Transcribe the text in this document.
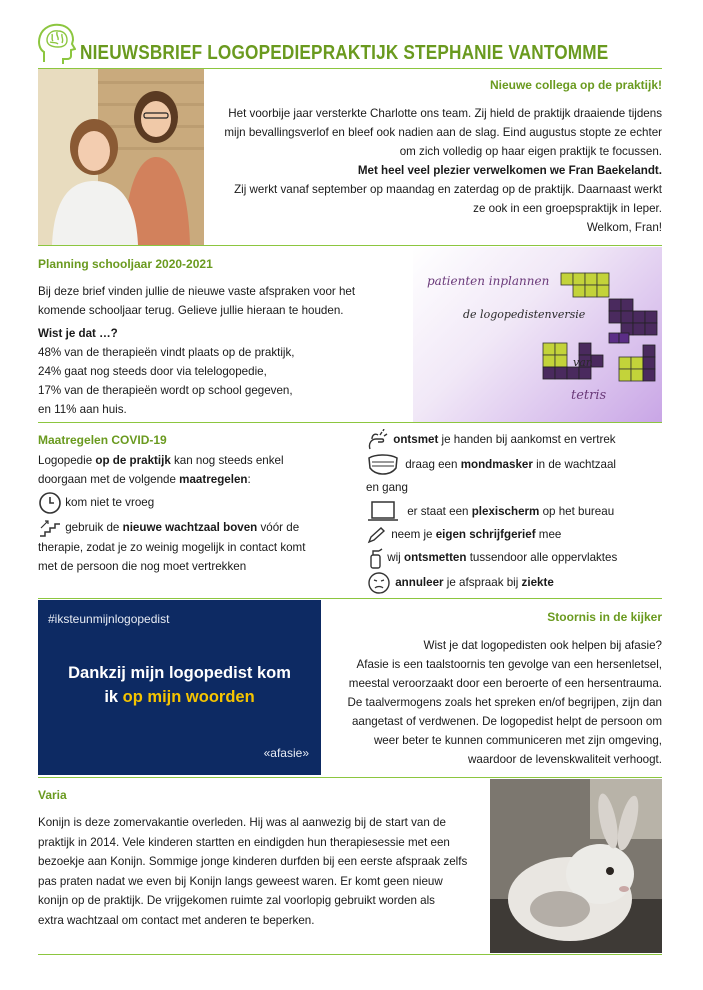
NIEUWSBRIEF LOGOPEDIEPRAKTIJK STEPHANIE VANTOMME
Nieuwe collega op de praktijk!

Het voorbije jaar versterkte Charlotte ons team. Zij hield de praktijk draaiende tijdens

mijn bevallingsverlof en bleef ook nadien aan de slag. Eind augustus stopte ze echter

om zich volledig op haar eigen praktijk te focussen.

Met heel veel plezier verwelkomen we Fran Baekelandt.

Zij werkt vanaf september op maandag en zaterdag op de praktijk. Daarnaast werkt

ze ook in een groepspraktijk in Ieper.

Welkom, Fran!

Planning schooljaar 2020-2021

Bij deze brief vinden jullie de nieuwe vaste afspraken voor het

komende schooljaar terug. Gelieve jullie hieraan te houden.

Wist je dat …?

48% van de therapieën vindt plaats op de praktijk,

24% gaat nog steeds door via telelogopedie,

17% van de therapieën wordt op school gegeven,

en 11% aan huis.

patienten inplannen
de logopedistenversie
van
tetris
Maatregelen COVID-19

Logopedie op de praktijk kan nog steeds enkel

doorgaan met de volgende maatregelen:

kom niet te vroeg

gebruik de nieuwe wachtzaal boven vóór de

therapie, zodat je zo weinig mogelijk in contact komt

met de persoon die nog moet vertrekken

ontsmet je handen bij aankomst en vertrek

draag een mondmasker in de wachtzaal

en gang

er staat een plexischerm op het bureau

neem je eigen schrijfgerief mee

wij ontsmetten tussendoor alle oppervlaktes

annuleer je afspraak bij ziekte

#iksteunmijnlogopedist
Dankzij mijn logopedist kom
ik op mijn woorden
«afasie»
Stoornis in de kijker

Wist je dat logopedisten ook helpen bij afasie?

Afasie is een taalstoornis ten gevolge van een hersenletsel,

meestal veroorzaakt door een beroerte of een hersentrauma.

De taalvermogens zoals het spreken en/of begrijpen, zijn dan

aangetast of verdwenen. De logopedist helpt de persoon om

weer beter te kunnen communiceren met zijn omgeving,

waardoor de levenskwaliteit verhoogt.

Varia

Konijn is deze zomervakantie overleden. Hij was al aanwezig bij de start van de

praktijk in 2014. Vele kinderen startten en eindigden hun therapiesessie met een

bezoekje aan Konijn. Sommige jonge kinderen durfden bij een eerste afspraak zelfs

pas praten nadat we even bij Konijn langs geweest waren. Er komt geen nieuw

konijn op de praktijk. De vrijgekomen ruimte zal voorlopig gebruikt worden als

extra wachtzaal om contact met anderen te beperken.
